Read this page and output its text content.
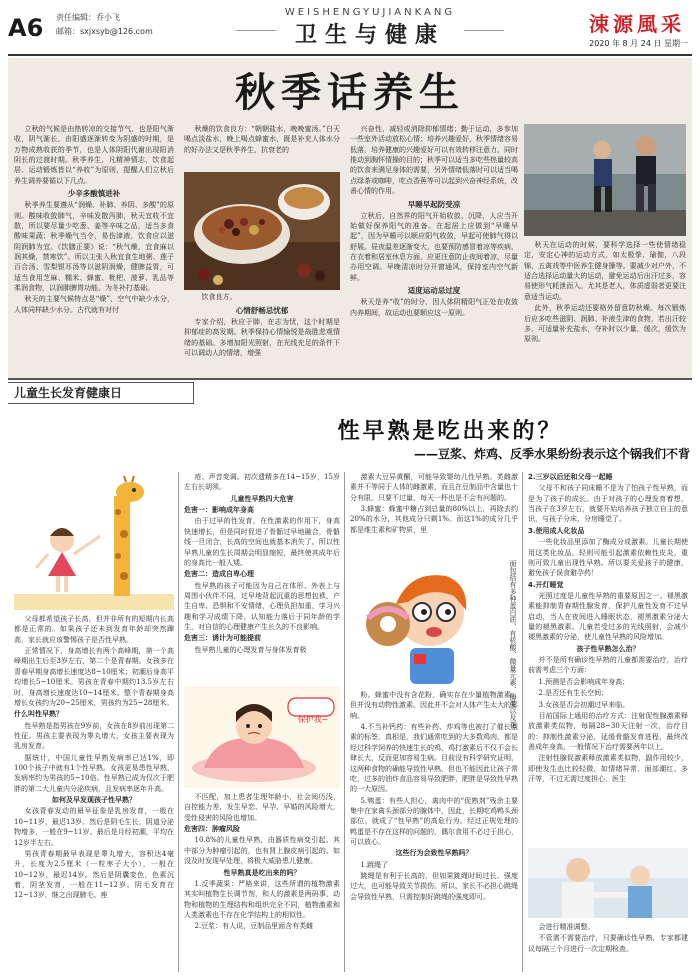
A6	责任编辑：乔小飞
邮箱：sxjxsyb@126.com
WEISHENGYUJIANKANG
卫生与健康	涑源風采
2020 年 8 月 24 日 星期一
秋季话养生

立秋的气候是由热转凉的交接节气，也是阳气渐收，阴气渐长，由阳盛逐渐转变为阴盛的时期，是万物成熟收获的季节，也是人体阴阳代谢出现阳消阴长的过渡时期。秋季养生，凡精神情志、饮食起居、运动锻炼皆以“养收”为原则，提醒人们立秋后养生调养要循以下几点。

少辛多酸慎进补

秋季养生要遵从“润燥、补肺、养阴、多酸”的原则。酸味收敛肺气，辛味发散泻肺，秋天宜收不宜散，所以要尽量少吃葱、姜等辛味之品，适当多食酸味果蔬；秋季燥气当令，易伤津液，饮食应以滋阴润肺为宜。《饮膳正要》说：“秋气燥，宜食麻以润其燥，禁寒饮”。所以主张入秋宜食生地粥、莲子百合汤、雪梨银耳汤等以滋阴润燥，健脾益胃，可适当食用芝麻、糯米、蜂蜜、枇杷、菠萝、乳品等柔润食物，以润肺脾胃功能。为冬补打基础。

秋天的主要气候特点是“燥”，空气中缺少水分，人体同样缺少水分。古代就有对付

秋燥的饮食良方：“朝朝盐水，晚晚蜜汤。”白天喝点淡盐水，晚上喝点蜂蜜水，既是补充人体水分的好办法又是秋季养生，抗衰老的

饮食良方。

心情舒畅忌忧郁

专家介绍，秋应于肺，在志为忧，这个时期是抑郁症的高发期。秋季保持心情愉悦是战胜悲观情绪的基础。多增加阳光照射，在光线充足的条件下可以调动人的情绪，增强

兴奋性，减轻或消除抑郁情绪；勤于运动，多参加一些室外活动放松心情；培养兴趣爱好，秋季情绪容易低落，培养健康的兴趣爱好可以有效转移注意力，同时推动到胸怀情操的目的；秋季可以适当多吃些热量较高的饮食来满足身体的需要，另外情绪低落时可以适当喝点绿茶或咖啡，吃点香蕉等可以起到兴奋神经系统，改善心情的作用。

早睡早起防受凉

立秋后，自然界的阳气开始收敛、沉降，人应当开始做好保养阳气的准备。在起居上应做到“早睡早起”，因为早睡可以顺应阳气收敛，早起可使肺气得以舒展。昼夜温差逐渐变大，也要预防感冒着凉等疾病，在衣着和居室休息方面，应更注意防止夜间着凉，尽量办用空调。早晚清凉时分开窗通风，保持室内空气新鲜。

适度运动忌过度

秋天是养“收”的时分，因人体阴精阳气正处在收敛内养期间，故运动也要顺应这一原则。

秋天在运动的时候，要科学选择一些使情绪稳定，安定心神的运动方式，如太极拳、瑜伽，八段锦，五禽戏等中医养生健身操等。要减少对户外，不适合选择运动量大的运动，避免运动后出汗过多，容易使形气耗泄而入。尤其是老人，体质虚弱者更要注意适当运动。

此外，秋季运动还要格外留意防秋燥。每次锻炼后应多吃些滋阴、润肺、补液生津的食物，若出汗较多，可适量补充盐水，夺补时以少量，缓次，缓饮为原则。

儿童生长发育健康日
性早熟是吃出来的？
——豆浆、炸鸡、反季水果纷纷表示这个锅我们不背

父母都希望孩子长高，但并非所有的短期内长高都是正常的。如果孩子还未到发育年龄却突然蹿高，家长就应该警惕孩子是否性早熟。

正常情况下，身高增长有两个高峰期，第一个高峰期出生后至3岁左右，第二个是青春期。女孩多在青春早期身高增长速度达8~10厘米；初潮后身高平均增长5~10厘米。男孩在青春中期约13.5岁左右时，身高增长速度达10~14厘米。整个青春期身高增长女孩约为20~25厘米，男孩约为25~28厘米。

什么叫性早熟？

性早熟是指男孩在9岁前，女孩在8岁前出现第二性征。男孩主要表现为睾丸增大，女孩主要表现为乳房发育。

据统计，中国儿童性早熟发病率已达1%，即100个孩子中就有1个性早熟。女孩更易患性早熟，发病率约为男孩的5~10倍。性早熟已成为仅次于肥胖的第二大儿童内分泌疾病，且发病率逐年升高。

如何及早发现孩子性早熟？

女孩青春发动的最早征象是乳房发育，一般在10~11岁，最迟13岁。然后是阴毛生长，阴道分泌物增多，一般在9~11岁。最后是月经初潮，平均在12岁半左右。

男孩青春期最早表现是睾丸增大，容积达4毫升，长度为2.5厘米（一粒枣子大小），一般在10~12岁，最迟14岁。然后是阴囊变色，色素沉着，阴茎发育，一般在11~12岁。阴毛发育在12~13岁，继之出现腋毛、痤

疮、声音变调。初次遗精多在14~15岁，15岁左右长胡须。

儿童性早熟四大危害

危害一：影响成年身高

由于过早的性发育，在性激素的作用下，身高快速增长，但是同时促进了骨骺过早地融合，骨骼线一旦闭合，长高的空间也就基本消失了。所以性早熟儿童的生长周期会明显缩短，最终使其成年后的身高比一般人矮。

危害二：造成自卑心理

性早熟的孩子可能因为自己在体形、外表上与周围小伙伴不同，过早地背起沉重的思想包袱，产生自卑、恐惧和不安情绪，心理负担加重，学习兴趣和学习成绩下降，认知能力落后于同年龄的学生，对自信的心理健康产生长久的不良影响。

危害三：诱计为可能提前

性早熟儿童的心理发育与身体发育极

保护我~

不匹配，加上患者生理年龄小，社会阅历浅，自控能力差，发生早恋、早孕、早婚的风险增大，受性侵害的风险也增加。

危害四：肿瘤风险

10.8%的儿童性早熟，由器质性病变引起。其中部分为肿瘤引起的，也有肾上腺皮病引起的。如没及时发现早处理，将极大威胁患儿健康。

性早熟真是吃出来的吗？

1.反季蔬果：严格来讲，这些所谓的植物激素其实叫植物生长调节剂，和人的激素是两码事，动物和植物的生理结构和组织完全不同，植物激素和人类激素也不存在化学结构上的相似性。

2.豆浆：有人说，豆制品里面含有类雌

激素大豆异黄酮，可能导致婴幼儿性早熟。类雌激素并不等同于人体的雌激素，而且在豆制品中含量也十分有限。只要不过量，每天一杯也是不会有问题的。

3.蜂蜜：蜂蜜中糖占到总量的80%以上，再除去约20%的水分，其他成分只剩1%。而这1%的成分几乎都是维生素和矿物质，里

面包括有多种蛋白质、有机酸、微量元素、酶类以及花

粉。蜂蜜中没有含花粉，确实存在少量植物激素，但并没有动物性激素。因此并不会对人体产生太大的影响。

4.不当补钙药：有些补药、炸鸡等也被打了催长激素的标签。真相是，我们通常吃到的大多数鸡肉，都是经过科学饲养的快速生长的鸡，鸡打激素后不仅不会长肆长大，反而更加容易生病。目前没有科学研究证明，这两种食物的确能导致性早熟，但也不能因此让孩子常吃，过多的油炸食品容易导致肥胖，肥胖是导致性早熟的一大原因。

5.鸭蛋：有些人担心，禽肉中的“促熟剂”残余主要集中在家禽头颈部分的腺体中，因此，长期吃鸡鸭头颈部位，就成了“性早熟”的高危行为。经过正规处理的鸭蛋是不存在这样的问题的，偶尔食用不必过于担心，可以放心。

这些行为会致性早熟吗？

1.跳绳了

跳绳是有利于长高的，但如果跳绳时间过长、强度过大，也可能导致关节损伤。所以，家长不必担心跳绳会导致性早熟，只需控制好跳绳的强度即可。

2.三岁以后还和父母一起睡

父母不和孩子同床睡不是为了怕孩子性早熟，而是为了孩子的成长。由于对孩子的心理发育着想，当孩子在3岁左右，就要开始培养孩子独立自主的意识，与孩子分床，分房睡觉了。

3.使用成人化妆品

一些化妆品里添加了酶成分或激素。儿童长期使用这类化妆品，轻则可能引起激素依赖性皮炎，重则可致儿童出现性早熟。所以要关爱孩子的健康，避免孩子误食避孕药！

4.开灯睡觉

光照过度是儿童性早熟的重要原因之一。褪黑激素能抑制青春期性腺发育，保护儿童性发育不过早启动，当人在夜间进入睡眠状态，褪黑激素分泌大量的褪黑激素。儿童若受过多的光线照射，会减少褪黑激素的分泌，使儿童性早熟的风险增加。

孩子性早熟怎么治？

并不是所有确诊性早熟的儿童都需要治疗，治疗前需考虑三个方面：

1.预测是否会影响成年身高；

2.是否还有生长空间；

3.女孩是否会初潮过早来临。

目前国际上通用的治疗方式：注射促性腺激素释放激素类似物，每隔28~30天注射一次，治疗目的：抑制性激素分泌，延缓骨骼发育进程，最终改善成年身高，一般情况下治疗需要两年以上。

注射性腺促激素释放激素类似物，副作用较少，即使发生也比较轻微，如情绪异常、面部潮红、多汗等，不过无需过度担心，医生

会进行精准调整。

不管需不需要治疗，只要确诊性早熟，专家都建议每隔三个月进行一次定期检查。
